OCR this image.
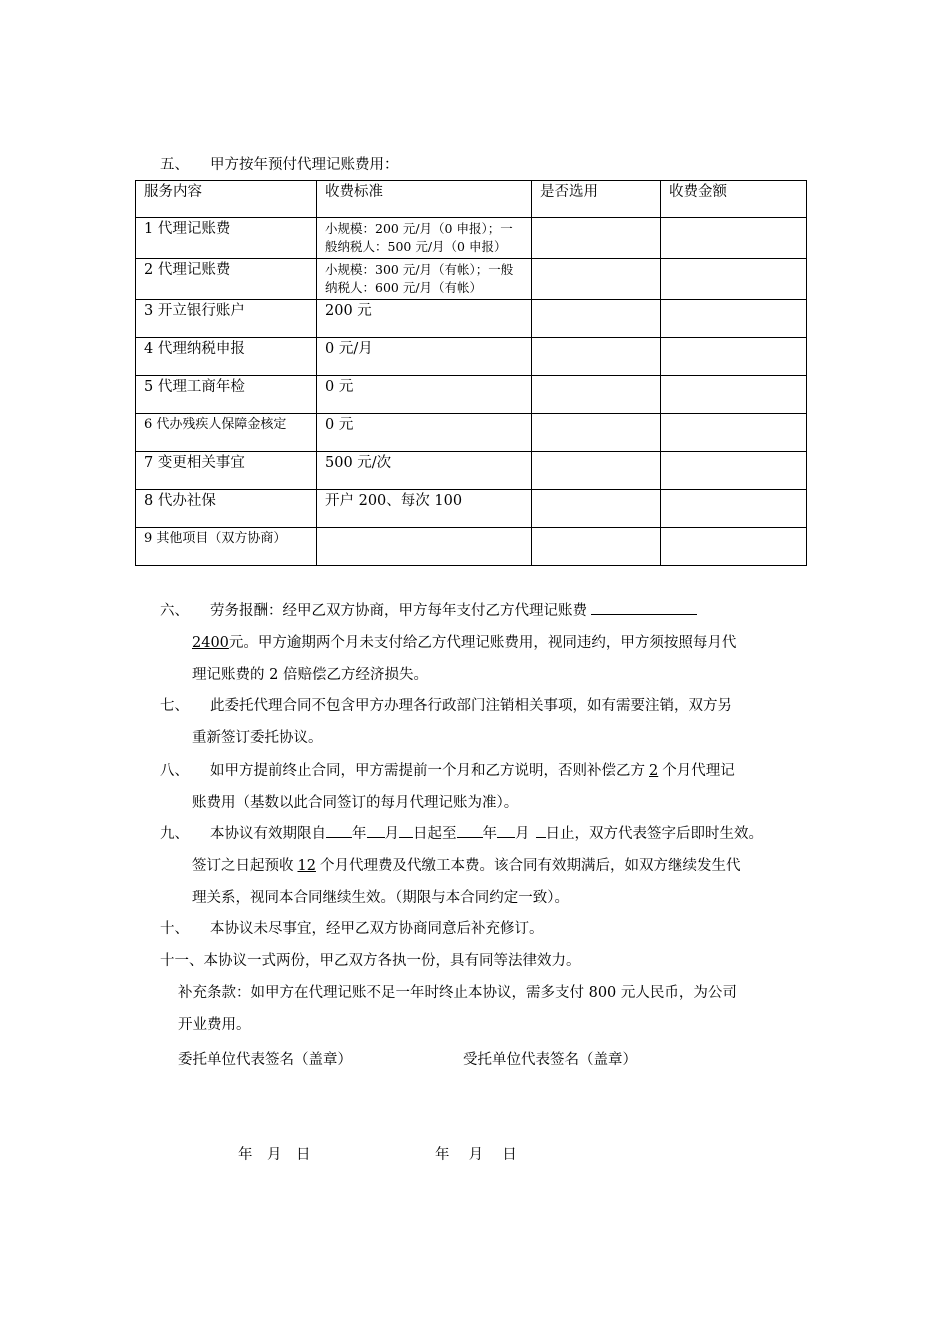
五、 甲方按年预付代理记账费用：
服务内容	收费标准	是否选用	收费金额
1 代理记账费	小规模：200 元/月（0 申报）；一般纳税人：500 元/月（0 申报）		
2 代理记账费	小规模：300 元/月（有帐）；一般纳税人：600 元/月（有帐）		
3 开立银行账户	200 元		
4 代理纳税申报	0 元/月		
5 代理工商年检	0 元		
6 代办残疾人保障金核定	0 元		
7 变更相关事宜	500 元/次		
8 代办社保	开户 200、每次 100		
9 其他项目（双方协商）			
六、 劳务报酬：经甲乙双方协商，甲方每年支付乙方代理记账费
2400元。甲方逾期两个月未支付给乙方代理记账费用，视同违约，甲方须按照每月代
理记账费的 2 倍赔偿乙方经济损失。
七、 此委托代理合同不包含甲方办理各行政部门注销相关事项，如有需要注销，双方另
重新签订委托协议。
八、 如甲方提前终止合同，甲方需提前一个月和乙方说明，否则补偿乙方 2 个月代理记
账费用（基数以此合同签订的每月代理记账为准）。
九、 本协议有效期限自 年 月 日起至 年 月 日止，双方代表签字后即时生效。
签订之日起预收 12 个月代理费及代缴工本费。该合同有效期满后，如双方继续发生代
理关系，视同本合同继续生效。（期限与本合同约定一致）。
十、 本协议未尽事宜，经甲乙双方协商同意后补充修订。
十一、本协议一式两份，甲乙双方各执一份，具有同等法律效力。
补充条款：如甲方在代理记账不足一年时终止本协议，需多支付 800 元人民币，为公司
开业费用。
委托单位代表签名（盖章）	受托单位代表签名（盖章）
年　月　日	年　 月　 日
